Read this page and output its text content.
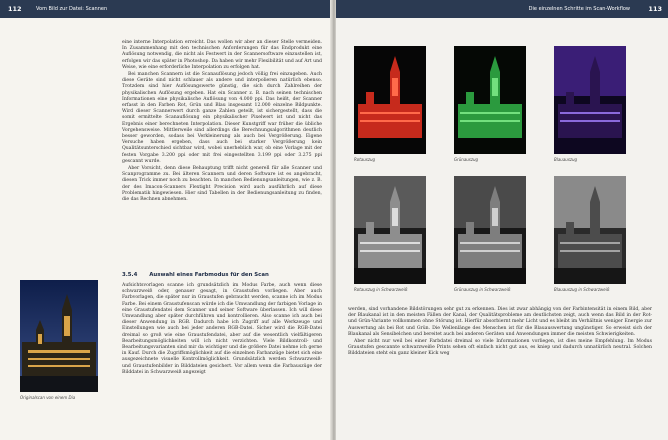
112	Vom Bild zur Datei: Scannen

eine interne Interpolation erreicht. Das wollen wir aber an dieser Stelle vermeiden. In Zusammenhang mit den technischen Anforderungen für das Endprodukt eine Auflösung notwendig, die nicht als Festwert in der Scannersoftware einzustellen ist, erfolgen wir das später in Photoshop. Da haben wir mehr Flexibilität und auf Art und Weise, wie eine erforderliche Interpolation zu erfolgen hat.

Bei manchen Scannern ist die Scanauflösung jedoch völlig frei einzugeben. Auch diese Geräte sind nicht schlauer als andere und interpolieren natürlich ebenso. Trotzdem sind hier Auflösungswerte günstig, die sich durch Zahlreihen der physikalischen Auflösung ergeben. Hat ein Scanner z. B. nach seinen technischen Informationen eine physikalische Auflösung von 4.000 ppi. Das heißt, der Scanner erfasst in den Farben Rot, Grün und Blau insgesamt 12.000 einzelne Bildpunkte. Wird dieser Scannerwert durch ganze Zahlen geteilt, ist sichergestellt, dass die somit ermittelte Scanauflösung ein physikalischer Pixelwert ist und nicht das Ergebnis einer berechneten Interpolation. Dieser Kunstgriff war früher die übliche Vorgehensweise. Mittlerweile sind allerdings die Berechnungsalgorithmen deutlich besser geworden, sodass bei Verkleinerung als auch bei Vergrößerung. Eigene Versuche haben ergeben, dass auch bei starker Vergrößerung kein Qualitätsunterschied sichtbar wird, wobei unerheblich war, ob eine Vorlage mit der festen Vorgabe 3.200 ppi oder mit frei eingestellten 3.199 ppi oder 3.275 ppi gescannt wurde.

Aber Vorsicht, denn diese Behauptung trifft nicht generell für alle Scanner und Scanprogramme zu. Bei älteren Scannern und deren Software ist es angebracht, diesen Trick immer noch zu beachten. In manchen Bedienungsanleitungen, wie z. B. der des Imacon-Scanners Flextight Precision wird auch ausführlich auf diese Problematik hingewiesen. Hier sind Tabellen in der Bedienungsanleitung zu finden, die das Rechnen abnehmen.

3.5.4 Auswahl eines Farbmodus für den Scan

Aufsichtsvorlagen scanne ich grundsätzlich im Modus Farbe, auch wenn diese schwarzweiß oder, genauer gesagt, in Graustufen vorliegen. Aber auch Farbvorlagen, die später nur in Graustufen gebraucht werden, scanne ich im Modus Farbe. Bei einem Graustufenscan würde ich die Umwandlung der farbigen Vorlage in eine Graustufendatei dem Scanner und seiner Software überlassen. Ich will diese Umwandlung aber später durchführen und kontrollieren. Also scanne ich auch bei dieser Anwendung in RGB. Dadurch habe ich Zugriff auf alle Werkzeuge und Einstellungen wie auch bei jeder anderen RGB-Datei. Sicher wird die RGB-Datei dreimal so groß wie eine Graustufendatei, aber auf die wesentlich vielfältigeren Bearbeitungsmöglichkeiten will ich nicht verzichten. Viele Bildkontroll- und Bearbeitungsvarianten sind mir da wichtiger und die größere Datei nehme ich gerne in Kauf. Durch die Zugriffsmöglichkeit auf die einzelnen Farbanzüge bietet sich eine ausgezeichnete visuelle Kontrollmöglichkeit. Grundsätzlich werden Schwarzweiß- und Graustufenbilder in Bilddateien gesichert. Vor allem wenn die Farbauszüge der Bilddatei in Schwarzweiß angezeigt

Originalscan von einem Dia
Die einzelnen Schritte im Scan-Workflow	113
Rotauszug	Grünauszug	Blauauszug
Rotauszug in Schwarzweiß	Grünauszug in Schwarzweiß	Blauauszug in Schwarzweiß

werden, sind vorhandene Bildstörungen sehr gut zu erkennen. Dies ist zwar abhängig von der Farbintensität in einem Bild, aber der Blaukanal ist in den meisten Fällen der Kanal, der Qualitätsprobleme am deutlichsten zeigt, auch wenn das Bild in der Rot- und Grün-Variante vollkommen ohne Störung ist. Hierfür absorbiernt mehr Licht und es bleibt im Verhältnis weniger Energie zur Auswertung als bei Rot und Grün. Die Wellenlänge des Menschen ist für die Blauauswertung ungünstiger. So erweist sich der Blaukanal als Sensibelchen und bereitet auch bei anderen Geräten und Anwendungen immer die meisten Schwierigkeiten.

Aber nicht nur weil bei einer Farbdatei dreimal so viele Informationen vorliegen, ist dies meine Empfehlung. Im Modus Graustufen gescannte schwarzweiße Prints sehen oft einfach nicht gut aus, es kniep und dadurch unnatürlich neutral. Solchen Bilddateien steht ein ganz kleiner Kick weg
